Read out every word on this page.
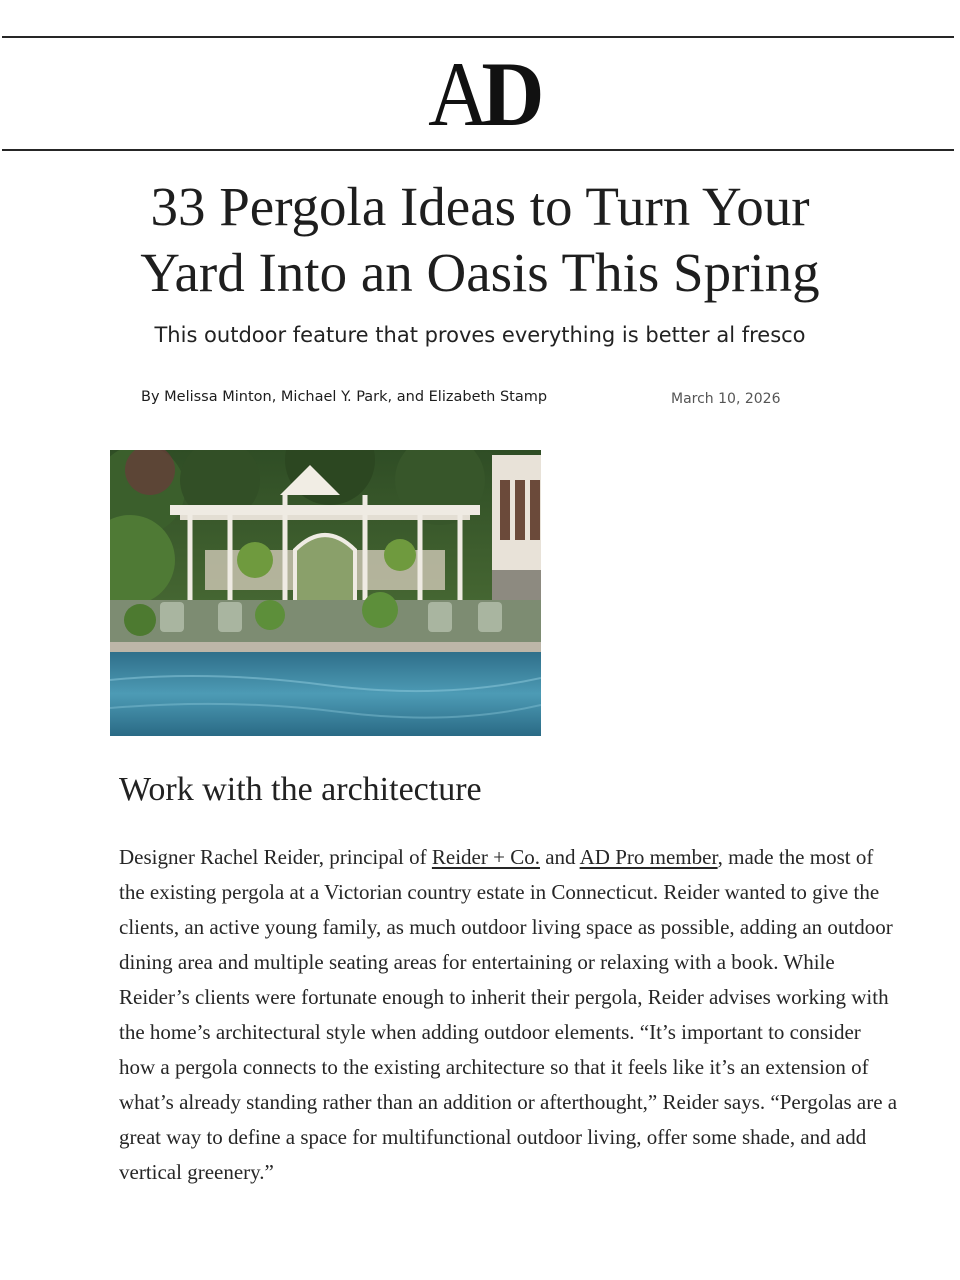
AD
33 Pergola Ideas to Turn Your
Yard Into an Oasis This Spring

This outdoor feature that proves everything is better al fresco

By Melissa Minton, Michael Y. Park, and Elizabeth Stamp	March 10, 2026
Work with the architecture

Designer Rachel Reider, principal of Reider + Co. and AD Pro member, made the most of the existing pergola at a Victorian country estate in Connecticut. Reider wanted to give the clients, an active young family, as much outdoor living space as possible, adding an outdoor dining area and multiple seating areas for entertaining or relaxing with a book. While Reider’s clients were fortunate enough to inherit their pergola, Reider advises working with the home’s architectural style when adding outdoor elements. “It’s important to consider how a pergola connects to the existing architecture so that it feels like it’s an extension of what’s already standing rather than an addition or afterthought,” Reider says. “Pergolas are a great way to define a space for multifunctional outdoor living, offer some shade, and add vertical greenery.”
